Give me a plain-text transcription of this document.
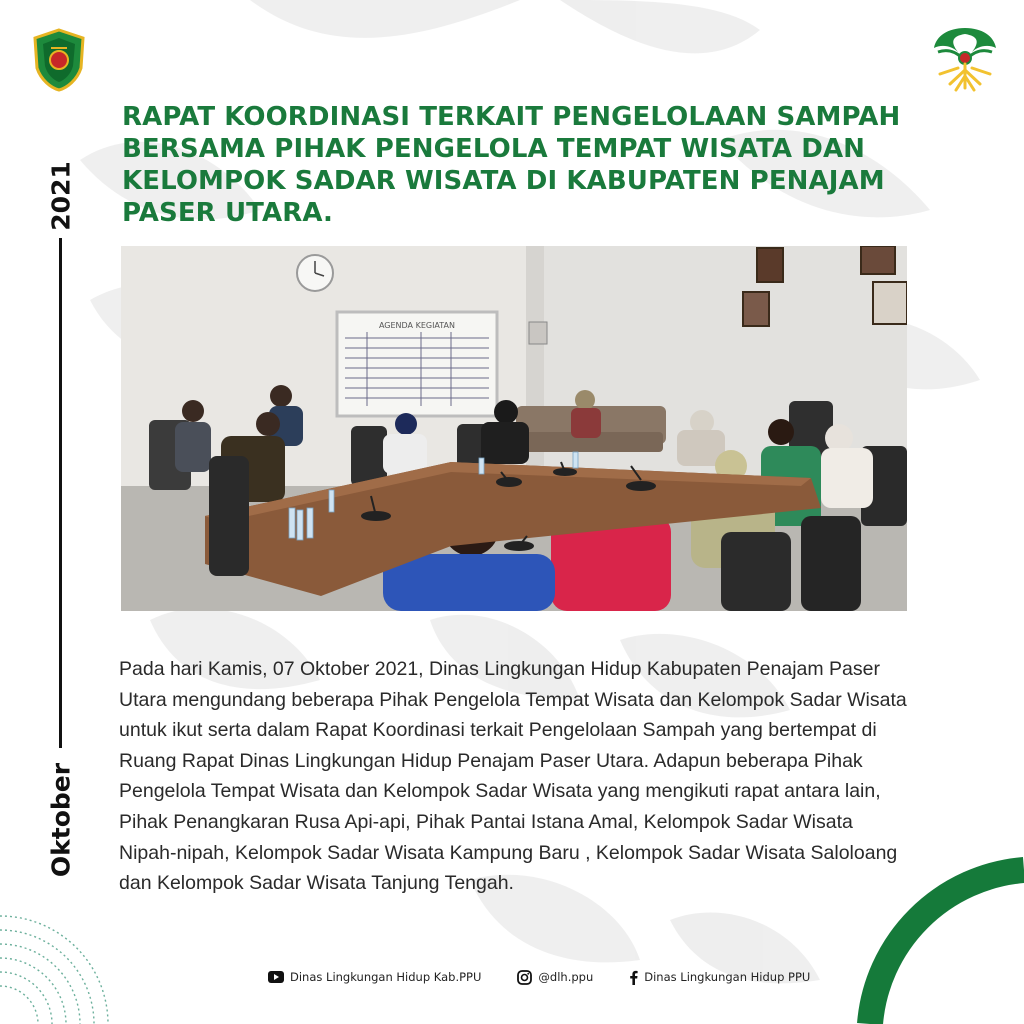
2021
Oktober
RAPAT KOORDINASI TERKAIT PENGELOLAAN SAMPAH BERSAMA PIHAK PENGELOLA TEMPAT WISATA DAN KELOMPOK SADAR WISATA DI KABUPATEN PENAJAM PASER UTARA.
AGENDA KEGIATAN

Pada hari Kamis, 07 Oktober 2021, Dinas Lingkungan Hidup Kabupaten Penajam Paser Utara mengundang beberapa Pihak Pengelola Tempat Wisata dan Kelompok Sadar Wisata untuk ikut serta dalam Rapat Koordinasi terkait Pengelolaan Sampah yang bertempat di Ruang Rapat Dinas Lingkungan Hidup Penajam Paser Utara. Adapun beberapa Pihak Pengelola Tempat Wisata dan Kelompok Sadar Wisata yang mengikuti rapat antara lain, Pihak Penangkaran Rusa Api-api, Pihak Pantai Istana Amal, Kelompok Sadar Wisata Nipah-nipah, Kelompok Sadar Wisata Kampung Baru , Kelompok Sadar Wisata Saloloang dan Kelompok Sadar Wisata Tanjung Tengah.

Dinas Lingkungan Hidup Kab.PPU	@dlh.ppu	Dinas Lingkungan Hidup PPU
